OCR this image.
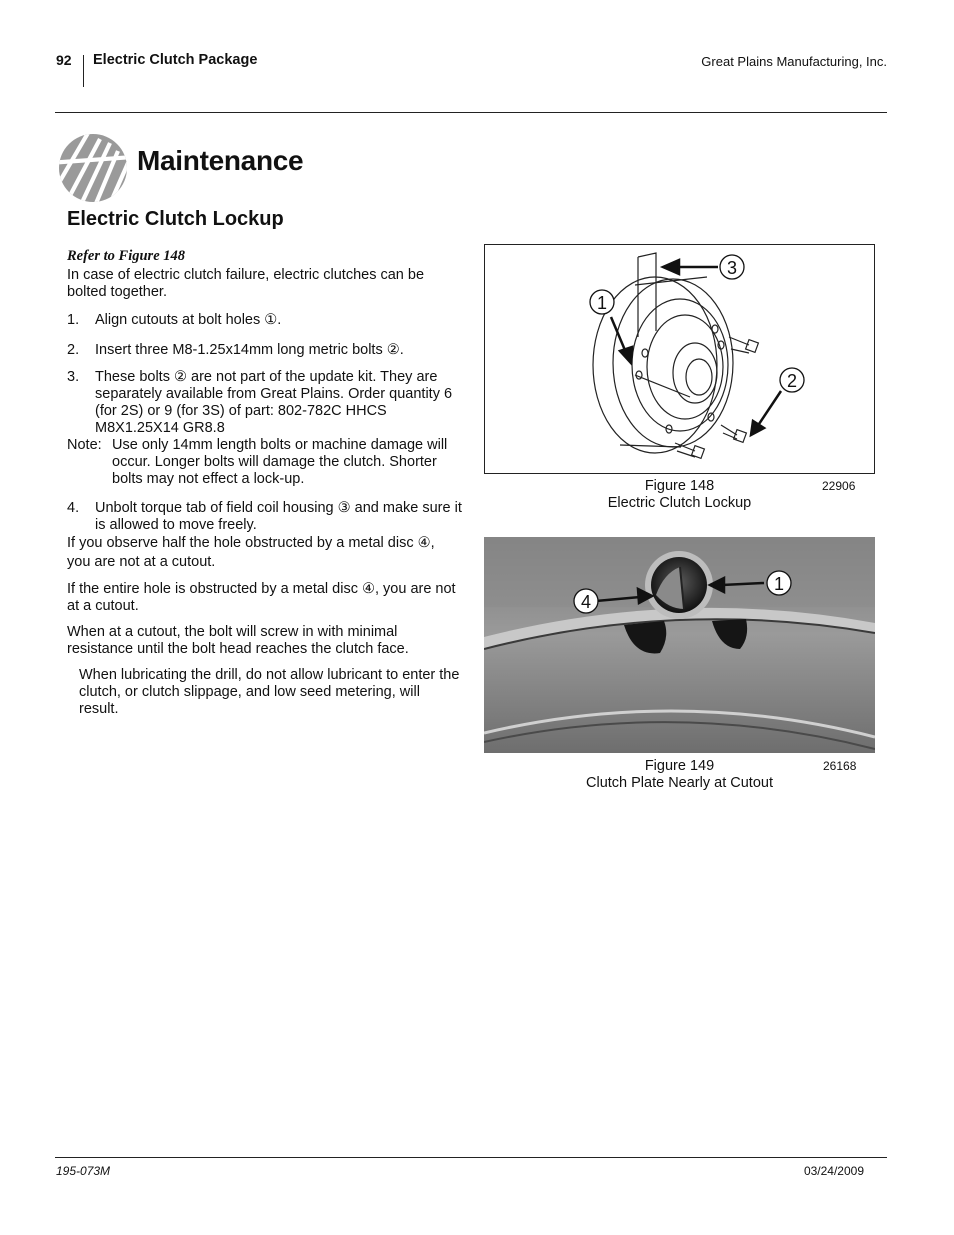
92 Electric Clutch Package	Great Plains Manufacturing, Inc.
Maintenance
Electric Clutch Lockup
Refer to Figure 148
In case of electric clutch failure, electric clutches can be bolted together.
1.	Align cutouts at bolt holes ①.
2.	Insert three M8-1.25x14mm long metric bolts ②.
3.	These bolts ② are not part of the update kit. They are separately available from Great Plains. Order quantity 6 (for 2S) or 9 (for 3S) of part: 802-782C HHCS M8X1.25X14 GR8.8
Note: Use only 14mm length bolts or machine damage will occur. Longer bolts will damage the clutch. Shorter bolts may not effect a lock-up.
4.	Unbolt torque tab of field coil housing ③ and make sure it is allowed to move freely.
If you observe half the hole obstructed by a metal disc ④, you are not at a cutout.
If the entire hole is obstructed by a metal disc ④, you are not at a cutout.
When at a cutout, the bolt will screw in with minimal resistance until the bolt head reaches the clutch face.
When lubricating the drill, do not allow lubricant to enter the clutch, or clutch slippage, and low seed metering, will result.
3
1
2
Figure 148
Electric Clutch Lockup
22906
1
4
Figure 149
Clutch Plate Nearly at Cutout
26168
195-073M	03/24/2009
